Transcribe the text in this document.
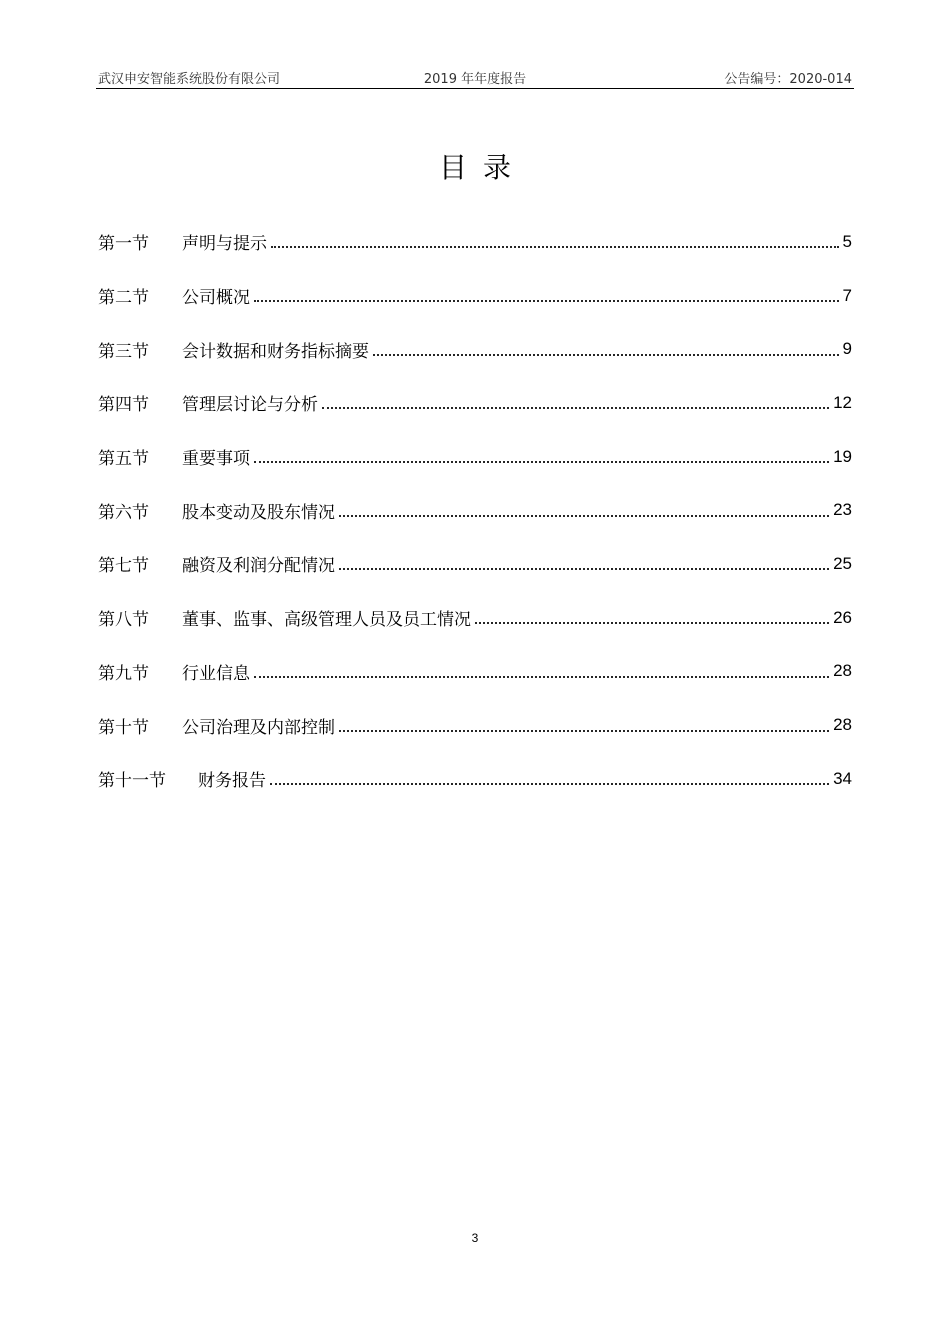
武汉申安智能系统股份有限公司	2019 年年度报告	公告编号：2020-014
目录
第一节	声明与提示	5
第二节	公司概况	7
第三节	会计数据和财务指标摘要	9
第四节	管理层讨论与分析	12
第五节	重要事项	19
第六节	股本变动及股东情况	23
第七节	融资及利润分配情况	25
第八节	董事、监事、高级管理人员及员工情况	26
第九节	行业信息	28
第十节	公司治理及内部控制	28
第十一节	财务报告	34
3
